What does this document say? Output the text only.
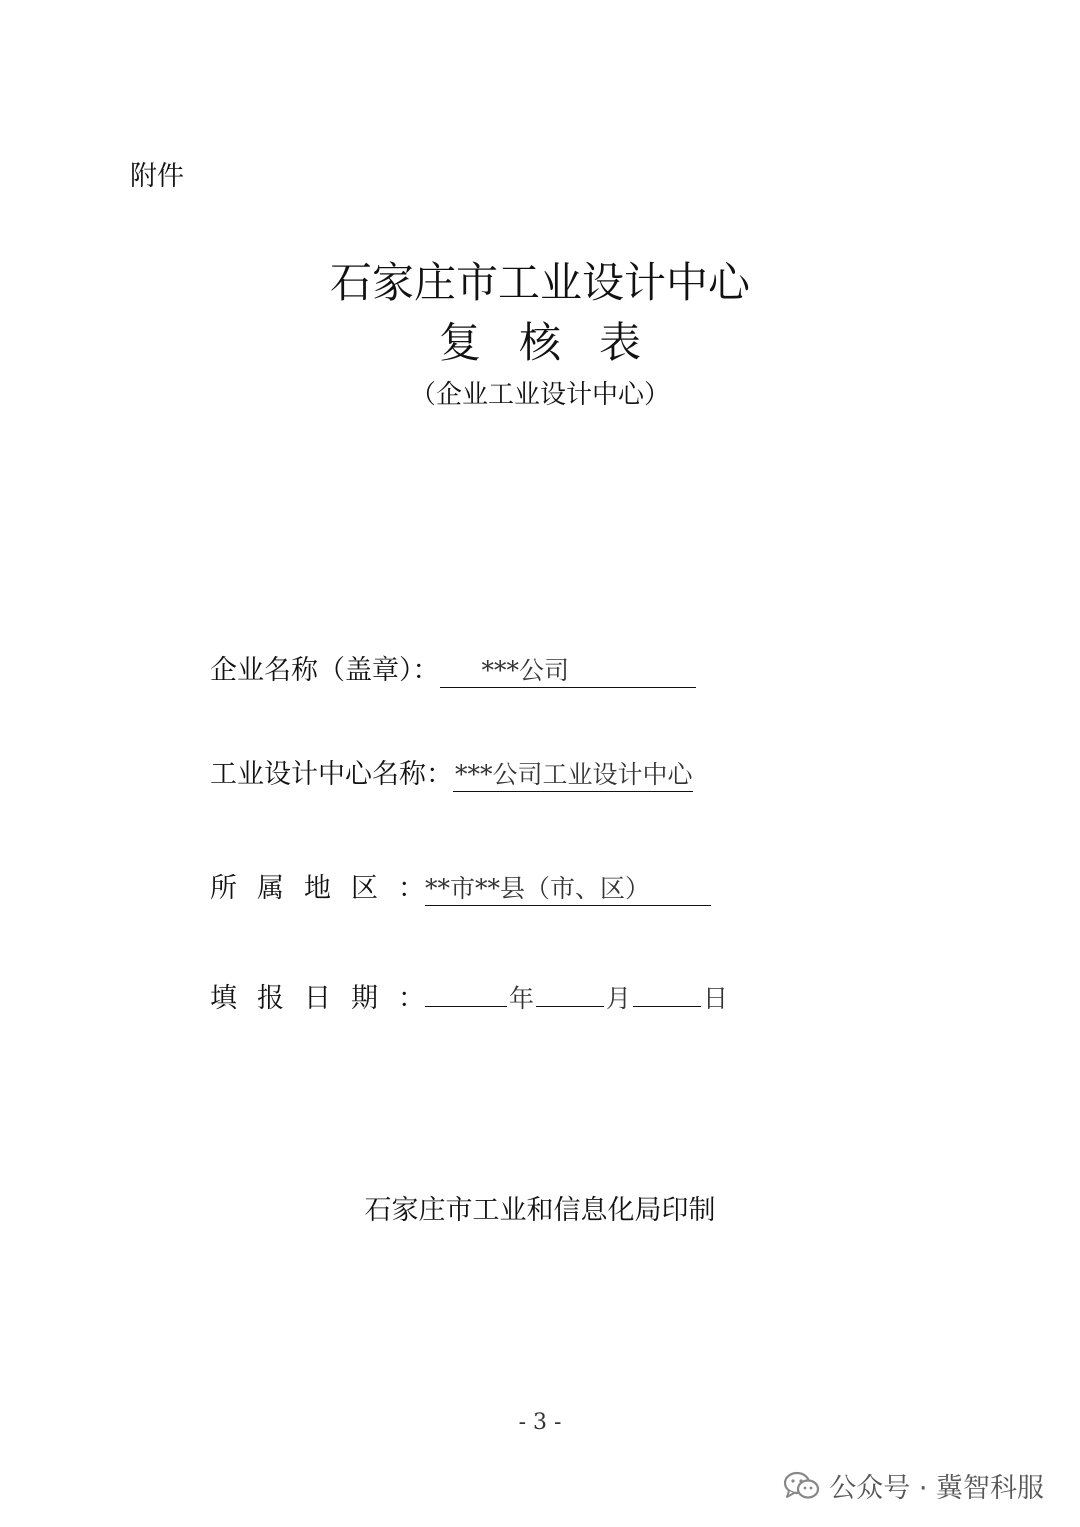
附件
石家庄市工业设计中心
复核表
（企业工业设计中心）
企业名称（盖章）：	***公司
工业设计中心名称： ***公司工业设计中心
所属地区：
**市**县（市、区）
填报日期：	年	月	日
石家庄市工业和信息化局印制
- 3 -
公众号 · 冀智科服
